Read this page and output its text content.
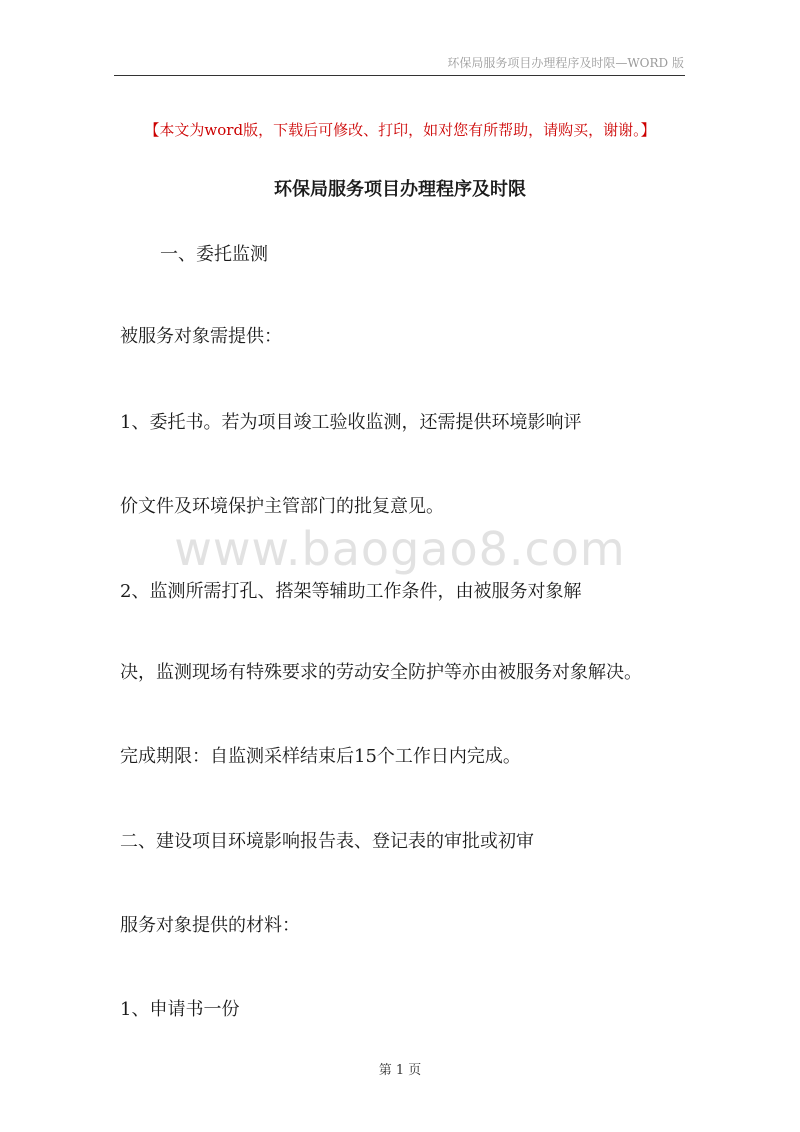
环保局服务项目办理程序及时限—WORD 版
【本文为word版，下载后可修改、打印，如对您有所帮助，请购买，谢谢。】
环保局服务项目办理程序及时限
www.baogao8.com
一、委托监测
被服务对象需提供：
1、委托书。若为项目竣工验收监测，还需提供环境影响评
价文件及环境保护主管部门的批复意见。
2、监测所需打孔、搭架等辅助工作条件，由被服务对象解
决，监测现场有特殊要求的劳动安全防护等亦由被服务对象解决。
完成期限：自监测采样结束后15个工作日内完成。
二、建设项目环境影响报告表、登记表的审批或初审
服务对象提供的材料：
1、申请书一份
第 1 页
